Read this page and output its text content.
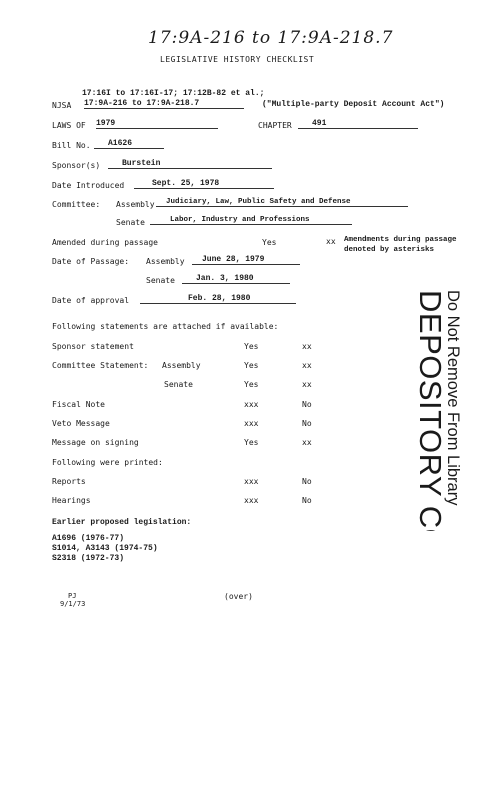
17:9A-216 to 17:9A-218.7
LEGISLATIVE HISTORY CHECKLIST
17:16I to 17:16I-17; 17:12B-82 et al.;
NJSA 17:9A-216 to 17:9A-218.7	("Multiple-party Deposit Account Act")
LAWS OF 1979	CHAPTER	491
Bill No.	A1626
Sponsor(s)	Burstein
Date Introduced	Sept. 25, 1978
Committee: Assembly	Judiciary, Law, Public Safety and Defense
Senate	Labor, Industry and Professions
Amended during passage	Yes	xx Amendments during passage
denoted by asterisks
Date of Passage: Assembly	June 28, 1979
Senate	Jan. 3, 1980
Date of approval	Feb. 28, 1980
Following statements are attached if available:
Sponsor statement	Yes	xx
Committee Statement: Assembly	Yes	xx
Senate	Yes	xx
Fiscal Note	xxx	No
Veto Message	xxx	No
Message on signing	Yes	xx
Following were printed:
Reports	xxx	No
Hearings	xxx	No
Earlier proposed legislation:
A1696 (1976-77)
S1014, A3143 (1974-75)
S2318 (1972-73)
PJ
9/1/73
(over)
DEPOSITORY COPY
Do Not Remove From Library
